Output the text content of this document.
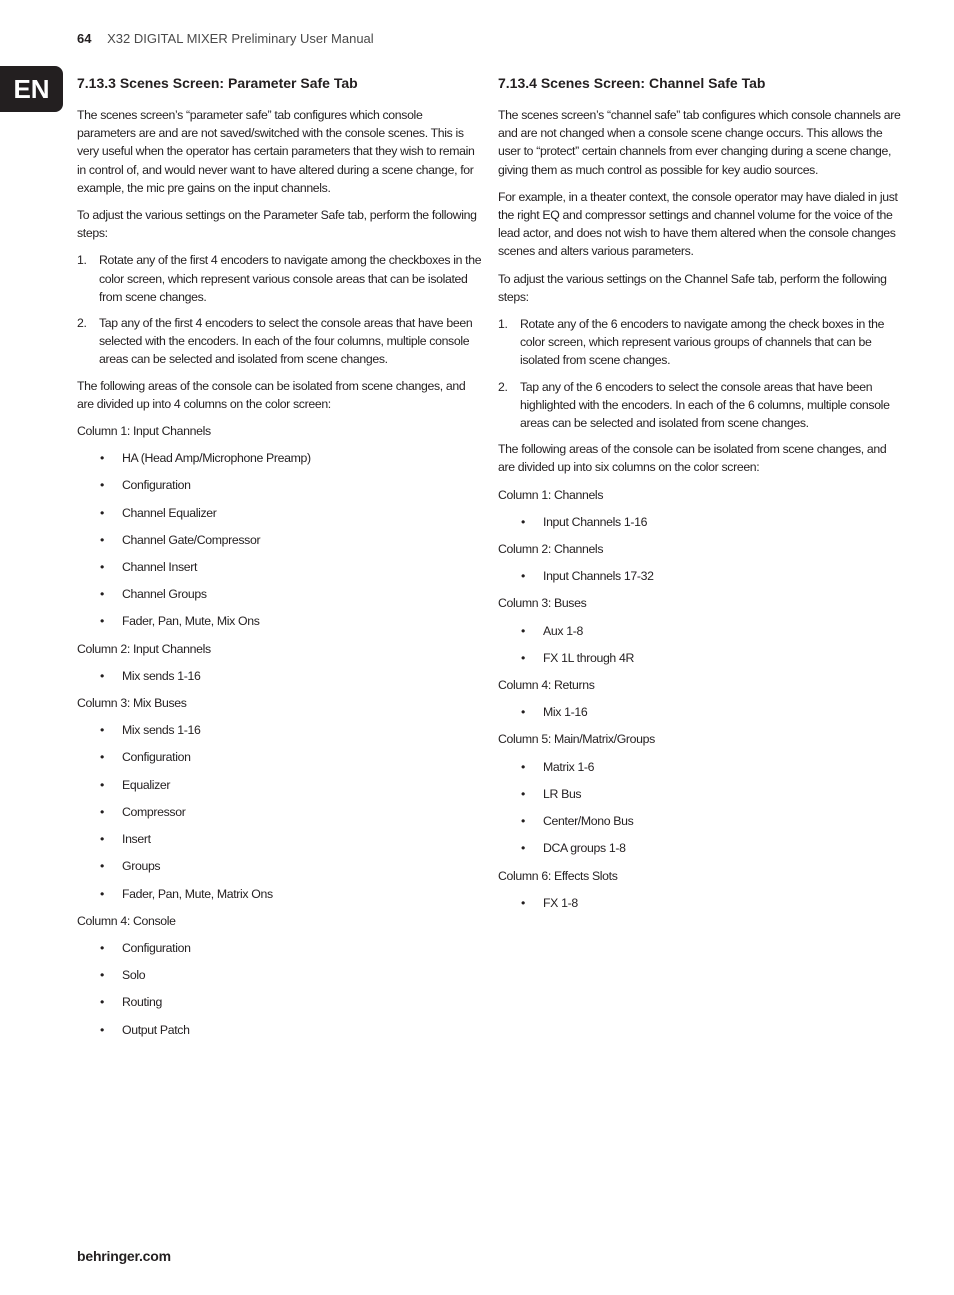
64 X32 DIGITAL MIXER Preliminary User Manual
EN	7.13.3 Scenes Screen: Parameter Safe Tab

The scenes screen’s “parameter safe” tab configures which console parameters are and are not saved/switched with the console scenes. This is very useful when the operator has certain parameters that they wish to remain in control of, and would never want to have altered during a scene change, for example, the mic pre gains on the input channels.

To adjust the various settings on the Parameter Safe tab, perform the following steps:

1. Rotate any of the first 4 encoders to navigate among the checkboxes in the color screen, which represent various console areas that can be isolated from scene changes.
2. Tap any of the first 4 encoders to select the console areas that have been selected with the encoders. In each of the four columns, multiple console areas can be selected and isolated from scene changes.

The following areas of the console can be isolated from scene changes, and are divided up into 4 columns on the color screen:

Column 1: Input Channels

• HA (Head Amp/Microphone Preamp)
• Configuration
• Channel Equalizer
• Channel Gate/Compressor
• Channel Insert
• Channel Groups
• Fader, Pan, Mute, Mix Ons

Column 2: Input Channels

• Mix sends 1-16

Column 3: Mix Buses

• Mix sends 1-16
• Configuration
• Equalizer
• Compressor
• Insert
• Groups
• Fader, Pan, Mute, Matrix Ons

Column 4: Console

• Configuration
• Solo
• Routing
• Output Patch
7.13.4 Scenes Screen: Channel Safe Tab

The scenes screen’s “channel safe” tab configures which console channels are and are not changed when a console scene change occurs. This allows the user to “protect” certain channels from ever changing during a scene change, giving them as much control as possible for key audio sources.

For example, in a theater context, the console operator may have dialed in just the right EQ and compressor settings and channel volume for the voice of the lead actor, and does not wish to have them altered when the console changes scenes and alters various parameters.

To adjust the various settings on the Channel Safe tab, perform the following steps:

1. Rotate any of the 6 encoders to navigate among the check boxes in the color screen, which represent various groups of channels that can be isolated from scene changes.
2. Tap any of the 6 encoders to select the console areas that have been highlighted with the encoders. In each of the 6 columns, multiple console areas can be selected and isolated from scene changes.

The following areas of the console can be isolated from scene changes, and are divided up into six columns on the color screen:

Column 1: Channels

• Input Channels 1-16

Column 2: Channels

• Input Channels 17-32

Column 3: Buses

• Aux 1-8
• FX 1L through 4R

Column 4: Returns

• Mix 1-16

Column 5: Main/Matrix/Groups

• Matrix 1-6
• LR Bus
• Center/Mono Bus
• DCA groups 1-8

Column 6: Effects Slots

• FX 1-8
behringer.com
